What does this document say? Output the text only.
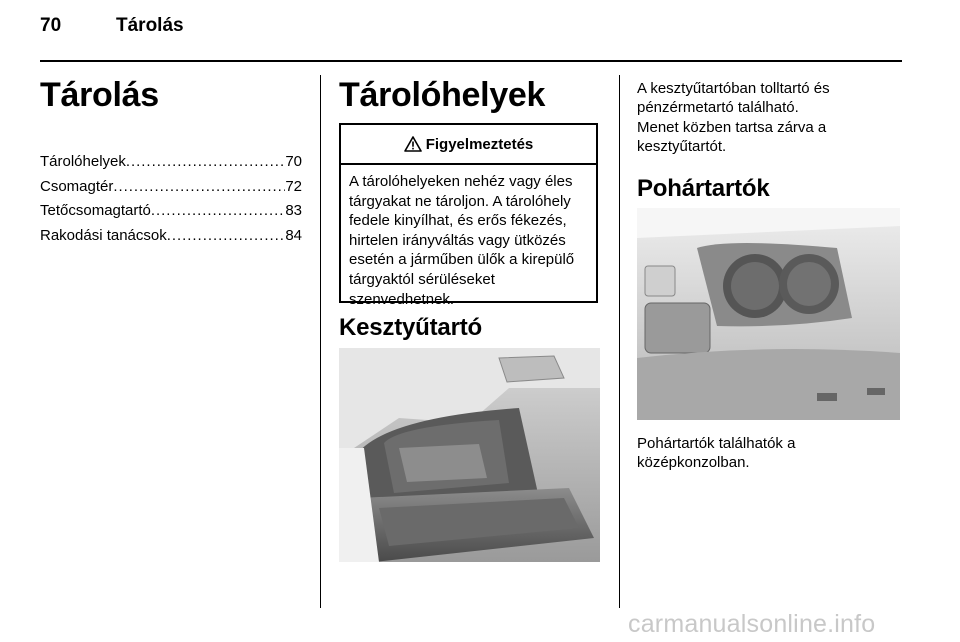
70	Tárolás
Tárolás
Tárolóhelyek . . .	70
Csomagtér . . .	72
Tetőcsomagtartó . . .	83
Rakodási tanácsok . . .	84
Tárolóhelyek
Figyelmeztetés
A tárolóhelyeken nehéz vagy éles tárgyakat ne tároljon. A tárolóhely fedele kinyílhat, és erős fékezés, hirtelen irányváltás vagy ütközés esetén a járműben ülők a kirepülő tárgyaktól sérüléseket szenvedhetnek.
Kesztyűtartó
A kesztyűtartóban tolltartó és pénzérmetartó található.
Menet közben tartsa zárva a kesztyűtartót.
Pohártartók
Pohártartók találhatók a középkonzolban.
carmanualsonline.info
